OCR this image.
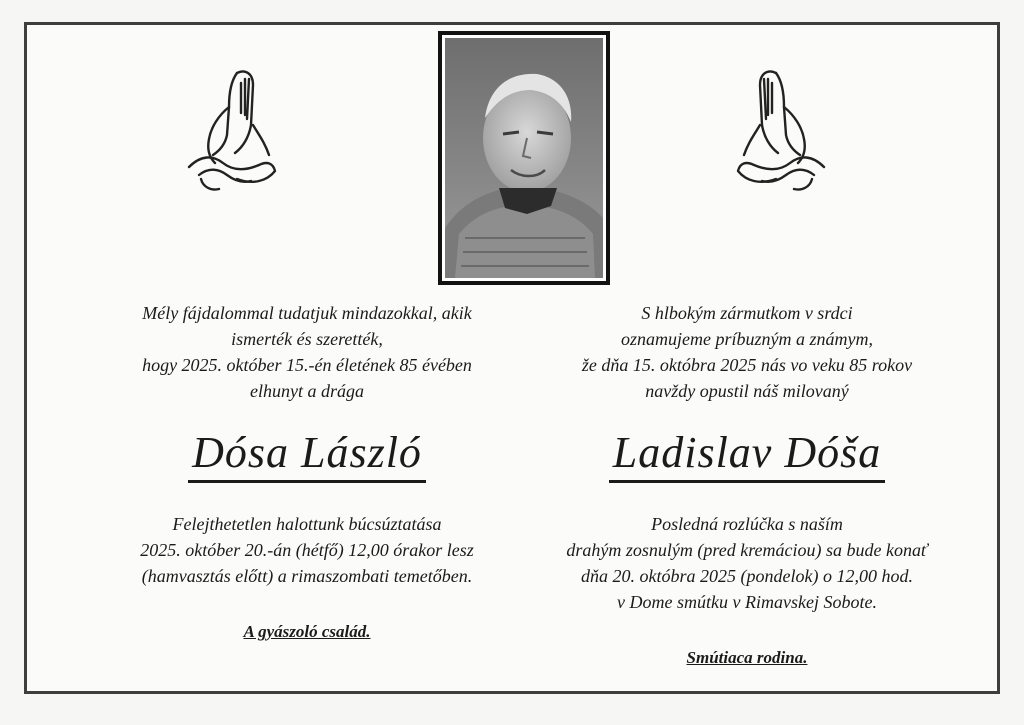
Mély fájdalommal tudatjuk mindazokkal, akik

ismerték és szerették,

hogy 2025. október 15.-én életének 85 évében

elhunyt a drága

Dósa László

Felejthetetlen halottunk búcsúztatása

2025. október 20.-án (hétfő) 12,00 órakor lesz

(hamvasztás előtt) a rimaszombati temetőben.

A gyászoló család.

S hlbokým zármutkom v srdci

oznamujeme príbuzným a známym,

že dňa 15. októbra 2025 nás vo veku 85 rokov

navždy opustil náš milovaný

Ladislav Dóša

Posledná rozlúčka s naším

drahým zosnulým (pred kremáciou) sa bude konať

dňa 20. októbra 2025 (pondelok) o 12,00 hod.

v Dome smútku v Rimavskej Sobote.

Smútiaca rodina.
